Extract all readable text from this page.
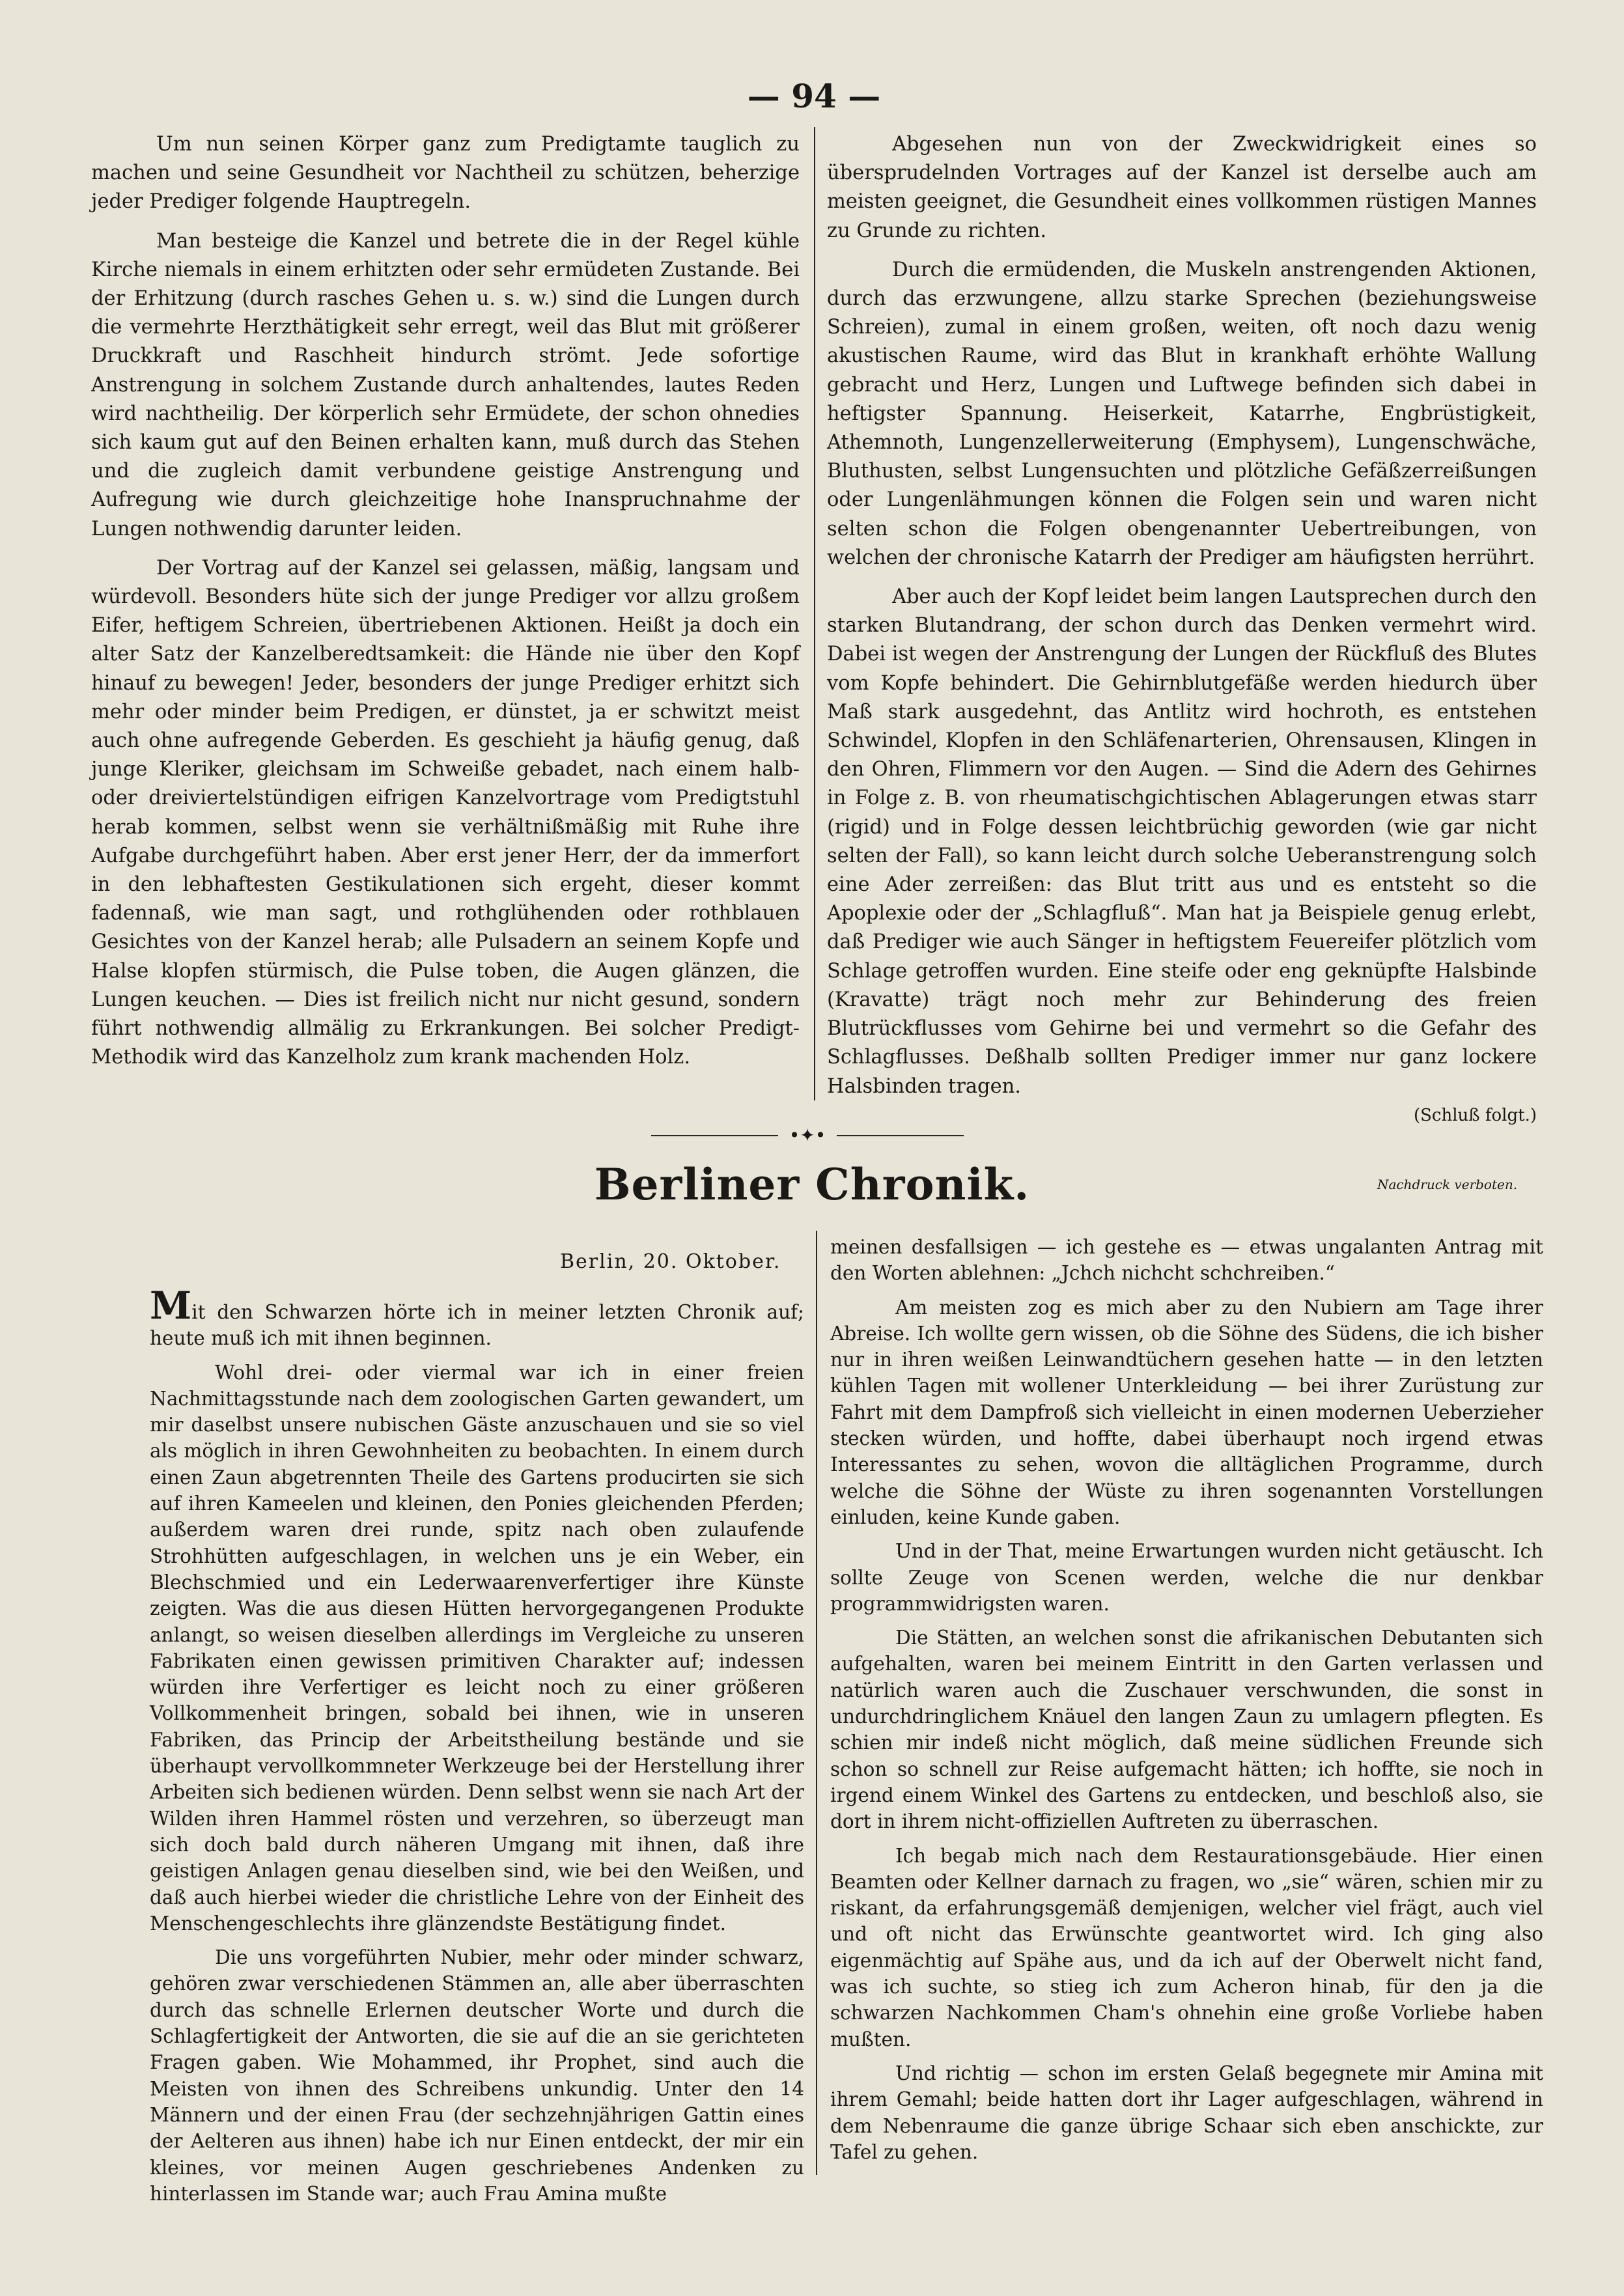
— 94 —

Um nun seinen Körper ganz zum Predigtamte tauglich zu machen und seine Gesundheit vor Nachtheil zu schützen, beherzige jeder Prediger folgende Hauptregeln.

Man besteige die Kanzel und betrete die in der Regel kühle Kirche niemals in einem erhitzten oder sehr ermüdeten Zustande. Bei der Erhitzung (durch rasches Gehen u. s. w.) sind die Lungen durch die vermehrte Herzthätigkeit sehr erregt, weil das Blut mit größerer Druckkraft und Raschheit hindurch strömt. Jede sofortige Anstrengung in solchem Zustande durch anhaltendes, lautes Reden wird nachtheilig. Der körperlich sehr Ermüdete, der schon ohnedies sich kaum gut auf den Beinen erhalten kann, muß durch das Stehen und die zugleich damit verbundene geistige Anstrengung und Aufregung wie durch gleichzeitige hohe Inanspruchnahme der Lungen nothwendig darunter leiden.

Der Vortrag auf der Kanzel sei gelassen, mäßig, langsam und würdevoll. Besonders hüte sich der junge Prediger vor allzu großem Eifer, heftigem Schreien, übertriebenen Aktionen. Heißt ja doch ein alter Satz der Kanzelberedtsamkeit: die Hände nie über den Kopf hinauf zu bewegen! Jeder, besonders der junge Prediger erhitzt sich mehr oder minder beim Predigen, er dünstet, ja er schwitzt meist auch ohne aufregende Geberden. Es geschieht ja häufig genug, daß junge Kleriker, gleichsam im Schweiße gebadet, nach einem halb- oder dreiviertelstündigen eifrigen Kanzelvortrage vom Predigtstuhl herab kommen, selbst wenn sie verhältnißmäßig mit Ruhe ihre Aufgabe durchgeführt haben. Aber erst jener Herr, der da immerfort in den lebhaftesten Gestikulationen sich ergeht, dieser kommt fadennaß, wie man sagt, und rothglühenden oder rothblauen Gesichtes von der Kanzel herab; alle Pulsadern an seinem Kopfe und Halse klopfen stürmisch, die Pulse toben, die Augen glänzen, die Lungen keuchen. — Dies ist freilich nicht nur nicht gesund, sondern führt nothwendig allmälig zu Erkrankungen. Bei solcher Predigt-Methodik wird das Kanzelholz zum krank machenden Holz.

Abgesehen nun von der Zweckwidrigkeit eines so übersprudelnden Vortrages auf der Kanzel ist derselbe auch am meisten geeignet, die Gesundheit eines vollkommen rüstigen Mannes zu Grunde zu richten.

Durch die ermüdenden, die Muskeln anstrengenden Aktionen, durch das erzwungene, allzu starke Sprechen (beziehungsweise Schreien), zumal in einem großen, weiten, oft noch dazu wenig akustischen Raume, wird das Blut in krankhaft erhöhte Wallung gebracht und Herz, Lungen und Luftwege befinden sich dabei in heftigster Spannung. Heiserkeit, Katarrhe, Engbrüstigkeit, Athemnoth, Lungenzellerweiterung (Emphysem), Lungenschwäche, Bluthusten, selbst Lungensuchten und plötzliche Gefäßzerreißungen oder Lungenlähmungen können die Folgen sein und waren nicht selten schon die Folgen obengenannter Uebertreibungen, von welchen der chronische Katarrh der Prediger am häufigsten herrührt.

Aber auch der Kopf leidet beim langen Lautsprechen durch den starken Blutandrang, der schon durch das Denken vermehrt wird. Dabei ist wegen der Anstrengung der Lungen der Rückfluß des Blutes vom Kopfe behindert. Die Gehirnblutgefäße werden hiedurch über Maß stark ausgedehnt, das Antlitz wird hochroth, es entstehen Schwindel, Klopfen in den Schläfenarterien, Ohrensausen, Klingen in den Ohren, Flimmern vor den Augen. — Sind die Adern des Gehirnes in Folge z. B. von rheumatischgichtischen Ablagerungen etwas starr (rigid) und in Folge dessen leichtbrüchig geworden (wie gar nicht selten der Fall), so kann leicht durch solche Ueberanstrengung solch eine Ader zerreißen: das Blut tritt aus und es entsteht so die Apoplexie oder der „Schlagfluß“. Man hat ja Beispiele genug erlebt, daß Prediger wie auch Sänger in heftigstem Feuereifer plötzlich vom Schlage getroffen wurden. Eine steife oder eng geknüpfte Halsbinde (Kravatte) trägt noch mehr zur Behinderung des freien Blutrückflusses vom Gehirne bei und vermehrt so die Gefahr des Schlagflusses. Deßhalb sollten Prediger immer nur ganz lockere Halsbinden tragen.

(Schluß folgt.)
•✦•
Nachdruck verboten.
Berliner Chronik.
Berlin, 20. Oktober.

Mit den Schwarzen hörte ich in meiner letzten Chronik auf; heute muß ich mit ihnen beginnen.

Wohl drei- oder viermal war ich in einer freien Nachmittagsstunde nach dem zoologischen Garten gewandert, um mir daselbst unsere nubischen Gäste anzuschauen und sie so viel als möglich in ihren Gewohnheiten zu beobachten. In einem durch einen Zaun abgetrennten Theile des Gartens producirten sie sich auf ihren Kameelen und kleinen, den Ponies gleichenden Pferden; außerdem waren drei runde, spitz nach oben zulaufende Strohhütten aufgeschlagen, in welchen uns je ein Weber, ein Blechschmied und ein Lederwaarenverfertiger ihre Künste zeigten. Was die aus diesen Hütten hervorgegangenen Produkte anlangt, so weisen dieselben allerdings im Vergleiche zu unseren Fabrikaten einen gewissen primitiven Charakter auf; indessen würden ihre Verfertiger es leicht noch zu einer größeren Vollkommenheit bringen, sobald bei ihnen, wie in unseren Fabriken, das Princip der Arbeitstheilung bestände und sie überhaupt vervollkommneter Werkzeuge bei der Herstellung ihrer Arbeiten sich bedienen würden. Denn selbst wenn sie nach Art der Wilden ihren Hammel rösten und verzehren, so überzeugt man sich doch bald durch näheren Umgang mit ihnen, daß ihre geistigen Anlagen genau dieselben sind, wie bei den Weißen, und daß auch hierbei wieder die christliche Lehre von der Einheit des Menschengeschlechts ihre glänzendste Bestätigung findet.

Die uns vorgeführten Nubier, mehr oder minder schwarz, gehören zwar verschiedenen Stämmen an, alle aber überraschten durch das schnelle Erlernen deutscher Worte und durch die Schlagfertigkeit der Antworten, die sie auf die an sie gerichteten Fragen gaben. Wie Mohammed, ihr Prophet, sind auch die Meisten von ihnen des Schreibens unkundig. Unter den 14 Männern und der einen Frau (der sechzehnjährigen Gattin eines der Aelteren aus ihnen) habe ich nur Einen entdeckt, der mir ein kleines, vor meinen Augen geschriebenes Andenken zu hinterlassen im Stande war; auch Frau Amina mußte

meinen desfallsigen — ich gestehe es — etwas ungalanten Antrag mit den Worten ablehnen: „Jchch nichcht schchreiben.“

Am meisten zog es mich aber zu den Nubiern am Tage ihrer Abreise. Ich wollte gern wissen, ob die Söhne des Südens, die ich bisher nur in ihren weißen Leinwandtüchern gesehen hatte — in den letzten kühlen Tagen mit wollener Unterkleidung — bei ihrer Zurüstung zur Fahrt mit dem Dampfroß sich vielleicht in einen modernen Ueberzieher stecken würden, und hoffte, dabei überhaupt noch irgend etwas Interessantes zu sehen, wovon die alltäglichen Programme, durch welche die Söhne der Wüste zu ihren sogenannten Vorstellungen einluden, keine Kunde gaben.

Und in der That, meine Erwartungen wurden nicht getäuscht. Ich sollte Zeuge von Scenen werden, welche die nur denkbar programmwidrigsten waren.

Die Stätten, an welchen sonst die afrikanischen Debutanten sich aufgehalten, waren bei meinem Eintritt in den Garten verlassen und natürlich waren auch die Zuschauer verschwunden, die sonst in undurchdringlichem Knäuel den langen Zaun zu umlagern pflegten. Es schien mir indeß nicht möglich, daß meine südlichen Freunde sich schon so schnell zur Reise aufgemacht hätten; ich hoffte, sie noch in irgend einem Winkel des Gartens zu entdecken, und beschloß also, sie dort in ihrem nicht-offiziellen Auftreten zu überraschen.

Ich begab mich nach dem Restaurationsgebäude. Hier einen Beamten oder Kellner darnach zu fragen, wo „sie“ wären, schien mir zu riskant, da erfahrungsgemäß demjenigen, welcher viel frägt, auch viel und oft nicht das Erwünschte geantwortet wird. Ich ging also eigenmächtig auf Spähe aus, und da ich auf der Oberwelt nicht fand, was ich suchte, so stieg ich zum Acheron hinab, für den ja die schwarzen Nachkommen Cham's ohnehin eine große Vorliebe haben mußten.

Und richtig — schon im ersten Gelaß begegnete mir Amina mit ihrem Gemahl; beide hatten dort ihr Lager aufgeschlagen, während in dem Nebenraume die ganze übrige Schaar sich eben anschickte, zur Tafel zu gehen.
